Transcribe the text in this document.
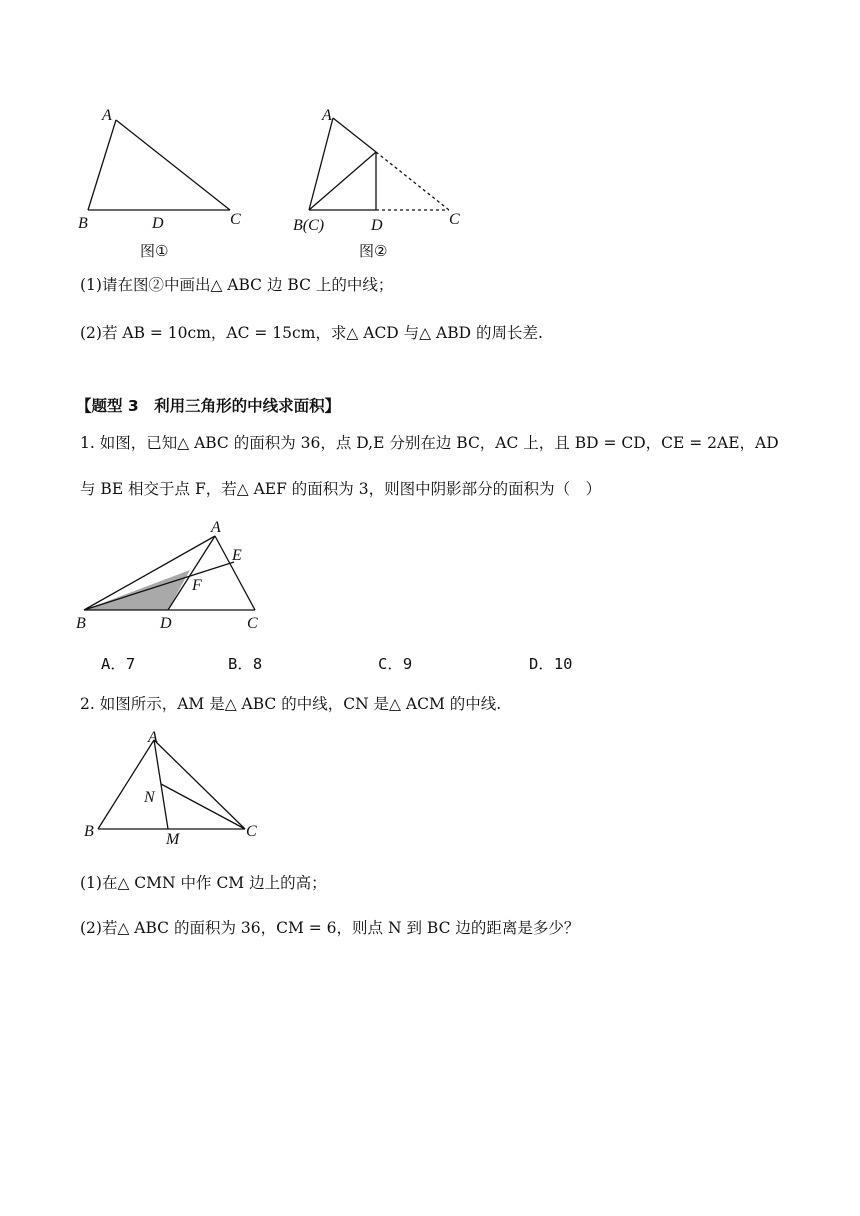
A
B	D	C
图①
A
B(C)	D	C
图②
(1)请在图②中画出△ ABC 边 BC 上的中线；
(2)若 AB = 10cm，AC = 15cm，求△ ACD 与△ ABD 的周长差.
【题型 3　利用三角形的中线求面积】
1. 如图，已知△ ABC 的面积为 36，点 D,E 分别在边 BC，AC 上，且 BD = CD，CE = 2AE，AD
与 BE 相交于点 F，若△ AEF 的面积为 3，则图中阴影部分的面积为（　）
A
E
F
B	D	C
A．7	B．8	C．9	D．10
2. 如图所示，AM 是△ ABC 的中线，CN 是△ ACM 的中线.
A
N
B	M	C
(1)在△ CMN 中作 CM 边上的高；
(2)若△ ABC 的面积为 36，CM = 6，则点 N 到 BC 边的距离是多少？
